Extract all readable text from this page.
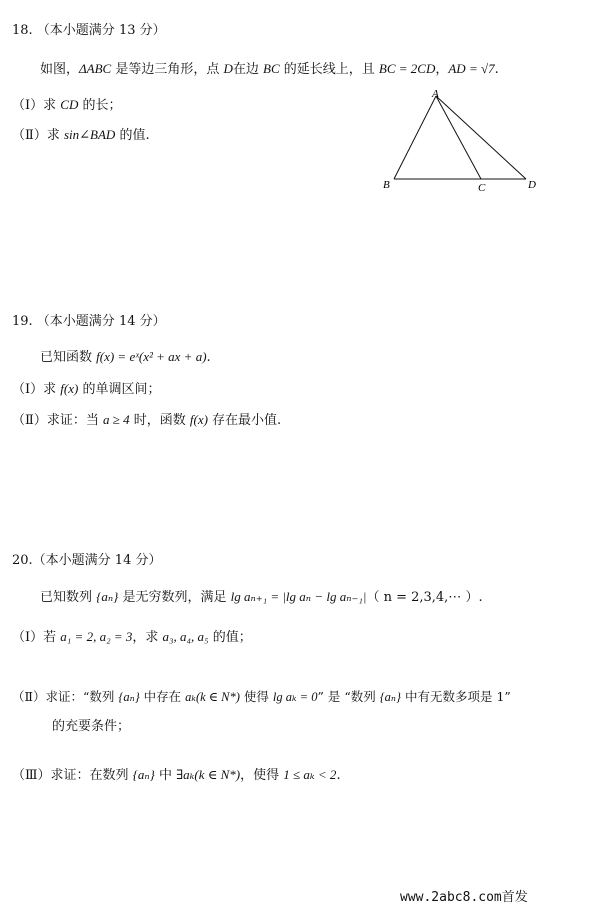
18. （本小题满分 13 分）
如图，ΔABC 是等边三角形，点 D在边 BC 的延长线上，且 BC = 2CD，AD = √7.
（Ⅰ）求 CD 的长；
（Ⅱ）求 sin∠BAD 的值.
A
B	C	D
19. （本小题满分 14 分）
已知函数 f(x) = eˣ(x² + ax + a).
（Ⅰ）求 f(x) 的单调区间；
（Ⅱ）求证：当 a ≥ 4 时，函数 f(x) 存在最小值.
20.（本小题满分 14 分）
已知数列 {aₙ} 是无穷数列，满足 lg aₙ₊₁ = |lg aₙ − lg aₙ₋₁|（ n = 2,3,4,⋯ ）.
（Ⅰ）若 a₁ = 2, a₂ = 3，求 a₃, a₄, a₅ 的值；
（Ⅱ）求证：“数列 {aₙ} 中存在 aₖ(k ∈ N*) 使得 lg aₖ = 0” 是 “数列 {aₙ} 中有无数多项是 1”
的充要条件；
（Ⅲ）求证：在数列 {aₙ} 中 ∃aₖ(k ∈ N*)，使得 1 ≤ aₖ < 2.
www.2abc8.com首发
